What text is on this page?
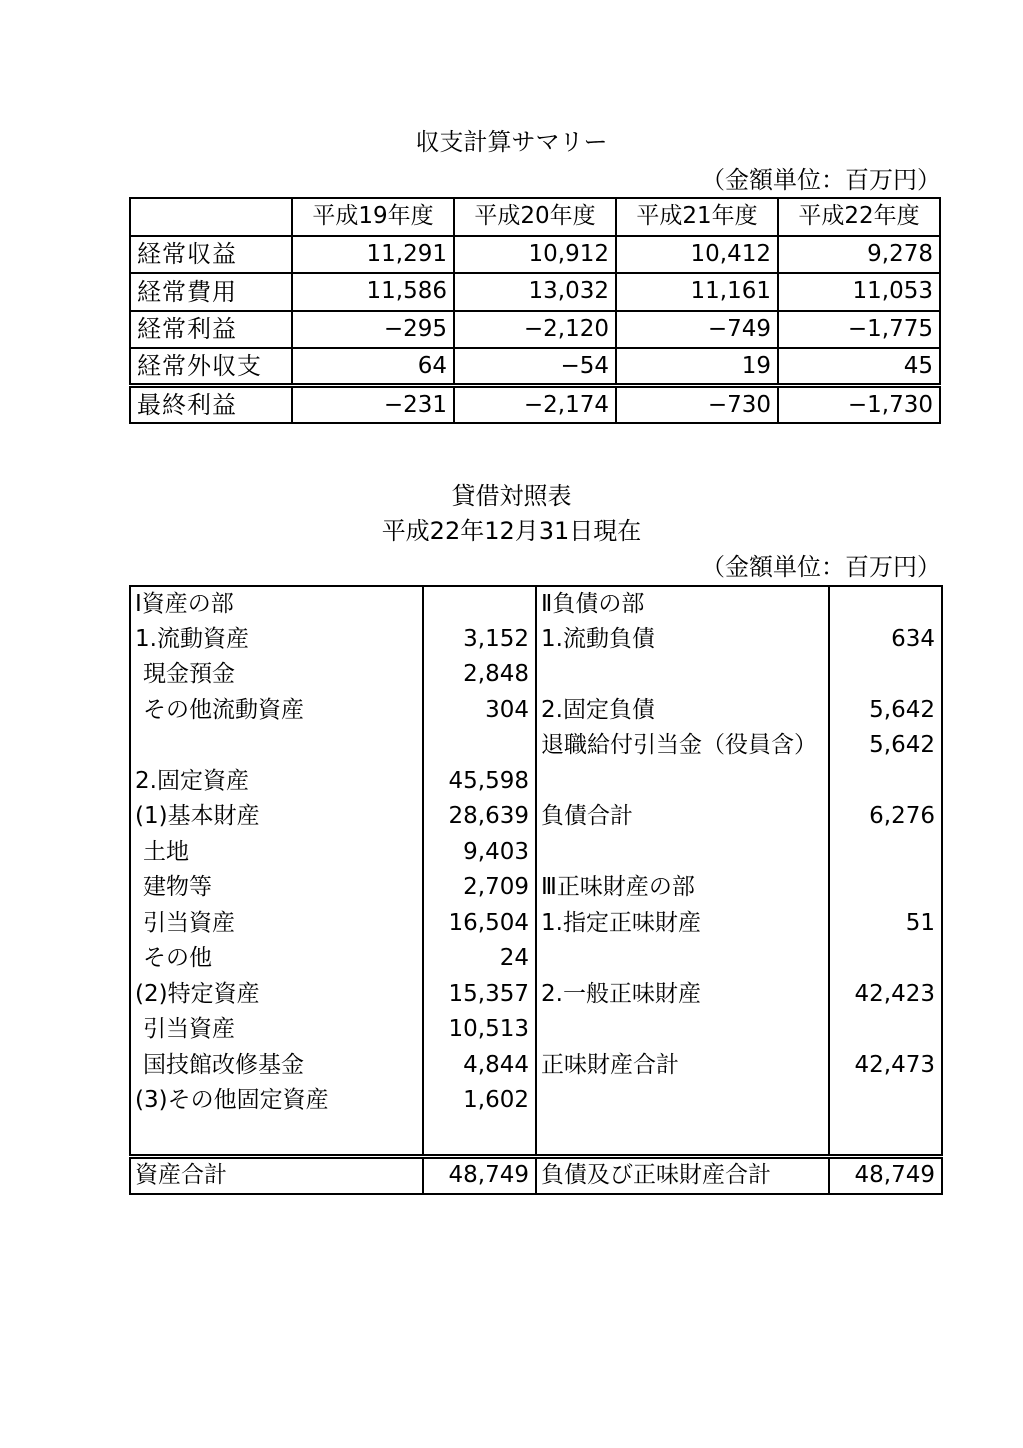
収支計算サマリー
（金額単位：百万円）
	平成19年度	平成20年度	平成21年度	平成22年度
経常収益	11,291	10,912	10,412	9,278
経常費用	11,586	13,032	11,161	11,053
経常利益	−295	−2,120	−749	−1,775
経常外収支	64	−54	19	45
最終利益	−231	−2,174	−730	−1,730
貸借対照表
平成22年12月31日現在
（金額単位：百万円）
Ⅰ資産の部		Ⅱ負債の部	
1.流動資産	3,152	1.流動負債	634
現金預金	2,848		
その他流動資産	304	2.固定負債	5,642
		退職給付引当金（役員含）	5,642
2.固定資産	45,598		
(1)基本財産	28,639	負債合計	6,276
土地	9,403		
建物等	2,709	Ⅲ正味財産の部	
引当資産	16,504	1.指定正味財産	51
その他	24		
(2)特定資産	15,357	2.一般正味財産	42,423
引当資産	10,513		
国技館改修基金	4,844	正味財産合計	42,473
(3)その他固定資産	1,602		

資産合計	48,749	負債及び正味財産合計	48,749
